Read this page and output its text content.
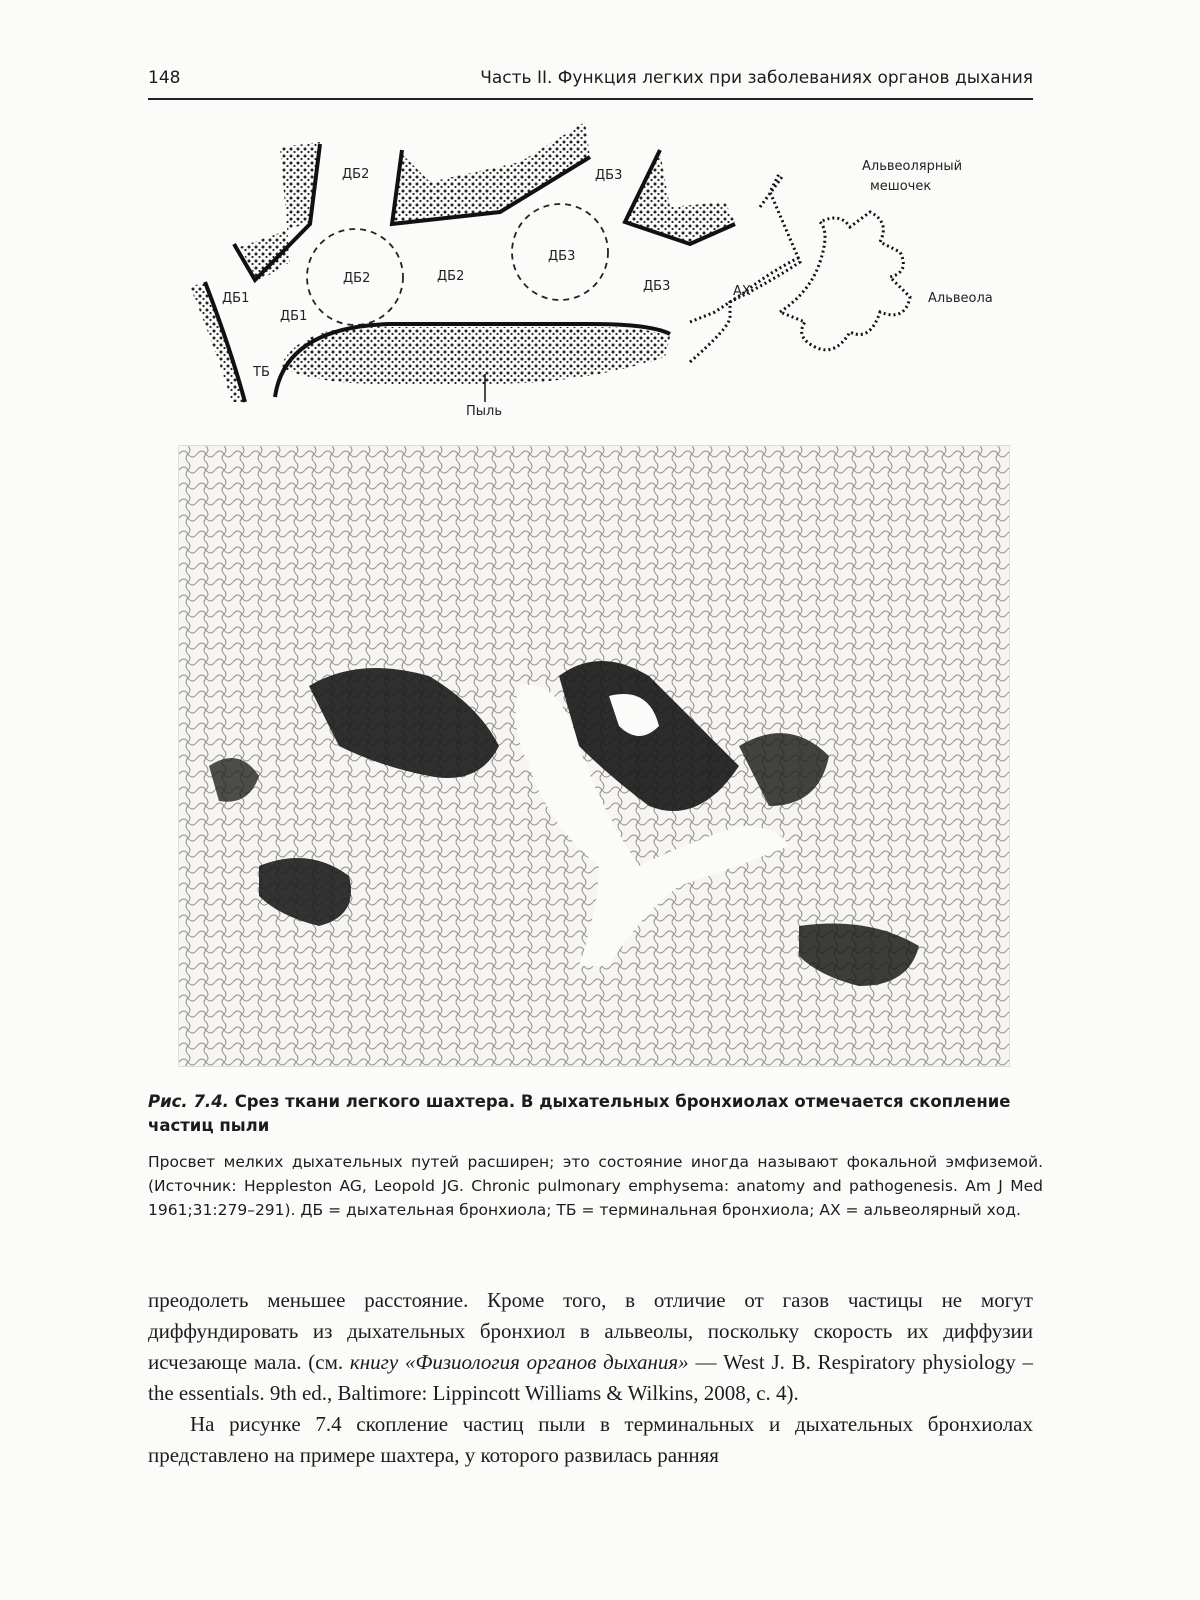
148	Часть II. Функция легких при заболеваниях органов дыхания
ДБ2	ДБ3
Альвеолярный
мешочек
ДБ2	ДБ2
ДБ3
ДБ3
ДБ1
ДБ1
АХ	Альвеола
ТБ
Пыль

Рис. 7.4. Срез ткани легкого шахтера. В дыхательных бронхиолах отмечается скопление частиц пыли

Просвет мелких дыхательных путей расширен; это состояние иногда называют фокальной эмфиземой. (Источник: Heppleston AG, Leopold JG. Chronic pulmonary emphysema: anatomy and pathogenesis. Am J Med 1961;31:279–291). ДБ = дыхательная бронхиола; ТБ = терминальная бронхиола; АХ = альвеолярный ход.

преодолеть меньшее расстояние. Кроме того, в отличие от газов частицы не могут диффундировать из дыхательных бронхиол в альвеолы, поскольку скорость их диффузии исчезающе мала. (см. книгу «Физиология органов дыхания» — West J. B. Respiratory physiology – the essentials. 9th ed., Baltimore: Lippincott Williams & Wilkins, 2008, c. 4).

На рисунке 7.4 скопление частиц пыли в терминальных и дыхательных бронхиолах представлено на примере шахтера, у которого развилась ранняя
